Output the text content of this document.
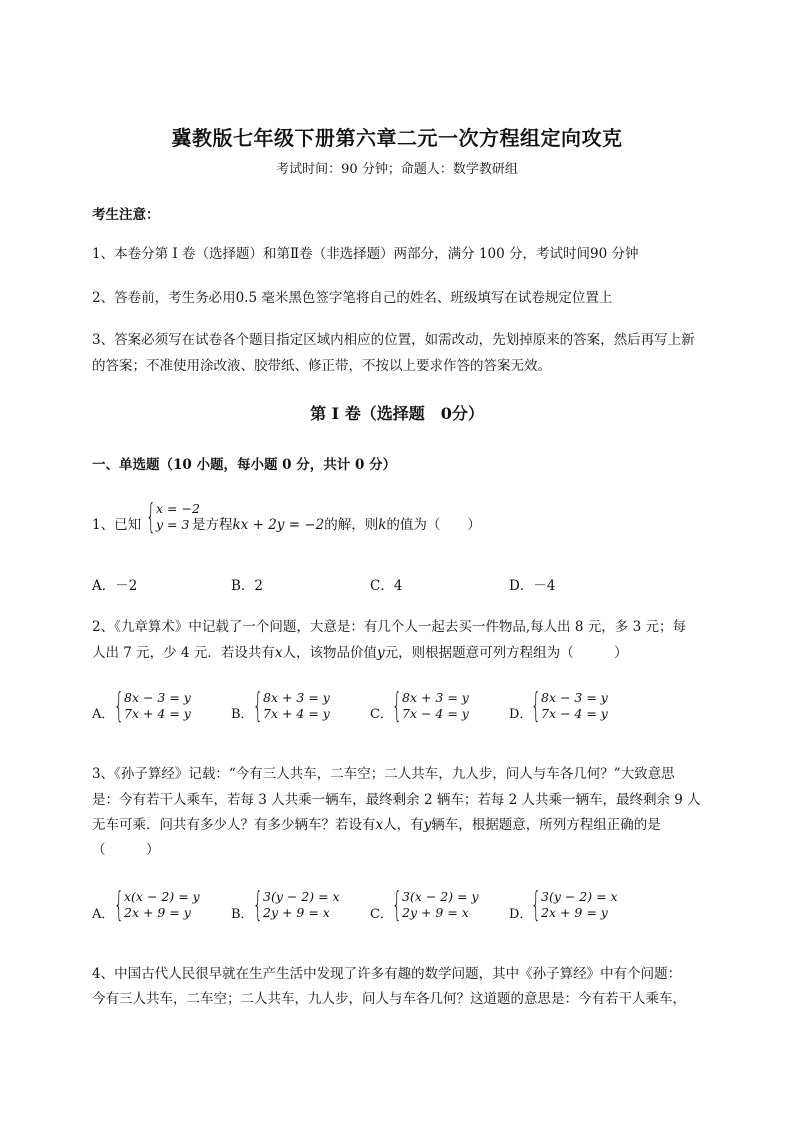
冀教版七年级下册第六章二元一次方程组定向攻克
考试时间：90 分钟；命题人：数学教研组
考生注意：
1、本卷分第 I 卷（选择题）和第Ⅱ卷（非选择题）两部分，满分 100 分，考试时间90 分钟
2、答卷前，考生务必用0.5 毫米黑色签字笔将自己的姓名、班级填写在试卷规定位置上
3、答案必须写在试卷各个题目指定区域内相应的位置，如需改动，先划掉原来的答案，然后再写上新
的答案；不准使用涂改液、胶带纸、修正带，不按以上要求作答的答案无效。
第 I 卷（选择题　0分）
一、单选题（10 小题，每小题 0 分，共计 0 分）
1、已知 { x = −2
y = 3 是方程kx + 2y = −2的解，则k的值为（　　）
A．－2	B．2	C．4	D．－4
2、《九章算术》中记载了一个问题，大意是：有几个人一起去买一件物品,每人出 8 元，多 3 元；每
人出 7 元，少 4 元．若设共有x人，该物品价值y元，则根据题意可列方程组为（　　　）
A． { 8x − 3 = y
7x + 4 = y	B． { 8x + 3 = y
7x + 4 = y	C． { 8x + 3 = y
7x − 4 = y	D．
{ 8x − 3 = y
7x − 4 = y
3、《孙子算经》记载：“今有三人共车，二车空；二人共车，九人步，问人与车各几何？”大致意思
是：今有若干人乘车，若每 3 人共乘一辆车，最终剩余 2 辆车；若每 2 人共乘一辆车，最终剩余 9 人
无车可乘．问共有多少人？有多少辆车？若设有x人，有y辆车，根据题意，所列方程组正确的是
（　　　）
A． { x(x − 2) = y
2x + 9 = y	B． { 3(y − 2) = x
2y + 9 = x	C． { 3(x − 2) = y
2y + 9 = x	D．
{ 3(y − 2) = x
2x + 9 = y
4、中国古代人民很早就在生产生活中发现了许多有趣的数学问题，其中《孙子算经》中有个问题：
今有三人共车，二车空；二人共车，九人步，问人与车各几何？这道题的意思是：今有若干人乘车，
